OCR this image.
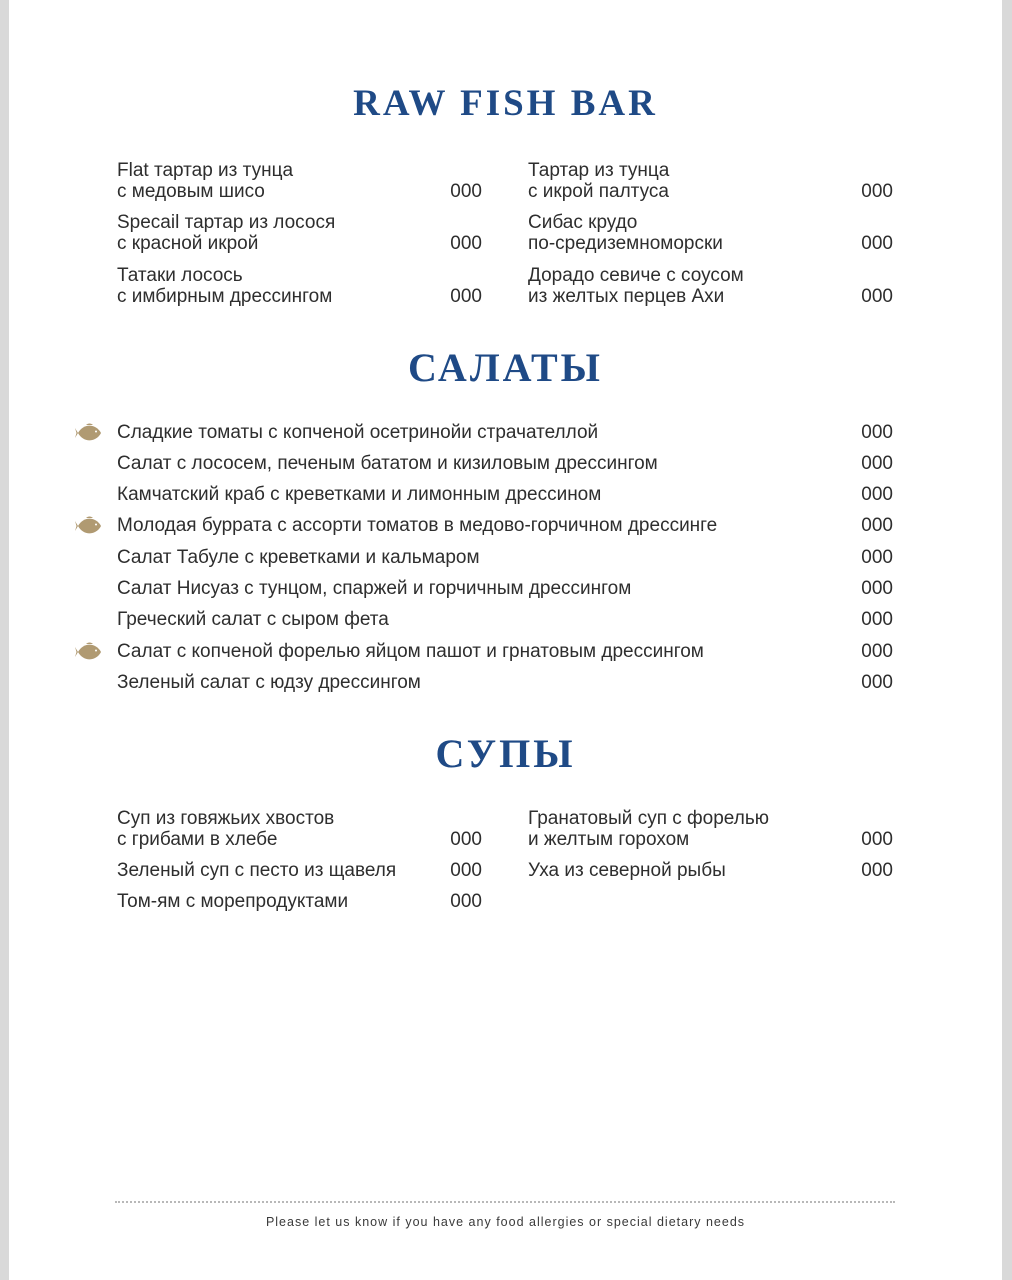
RAW FISH BAR
Flat тартар из тунца
с медовым шисо	000
Тартар из тунца
с икрой палтуса	000
Specail тартар из лосося
с красной икрой	000
Сибас крудо
по-средиземноморски	000
Татаки лосось
с имбирным дрессингом	000
Дорадо севиче с соусом
из желтых перцев Ахи	000
САЛАТЫ
Сладкие томаты с копченой осетринойи страчателлой	000
Салат с лососем, печеным бататом и кизиловым дрессингом	000
Камчатский краб с креветками и лимонным дрессином	000
Молодая буррата с ассорти томатов в медово-горчичном дрессинге	000
Салат Табуле с креветками и кальмаром	000
Салат Нисуаз с тунцом, спаржей и горчичным дрессингом	000
Греческий салат с сыром фета	000
Салат с копченой форелью яйцом пашот и грнатовым дрессингом	000
Зеленый салат с юдзу дрессингом	000
СУПЫ
Суп из говяжьих хвостов
с грибами в хлебе	000
Гранатовый суп с форелью
и желтым горохом	000
Зеленый суп с песто из щавеля	000 Уха из северной рыбы	000
Том-ям с морепродуктами	000
Please let us know if you have any food allergies or special dietary needs
